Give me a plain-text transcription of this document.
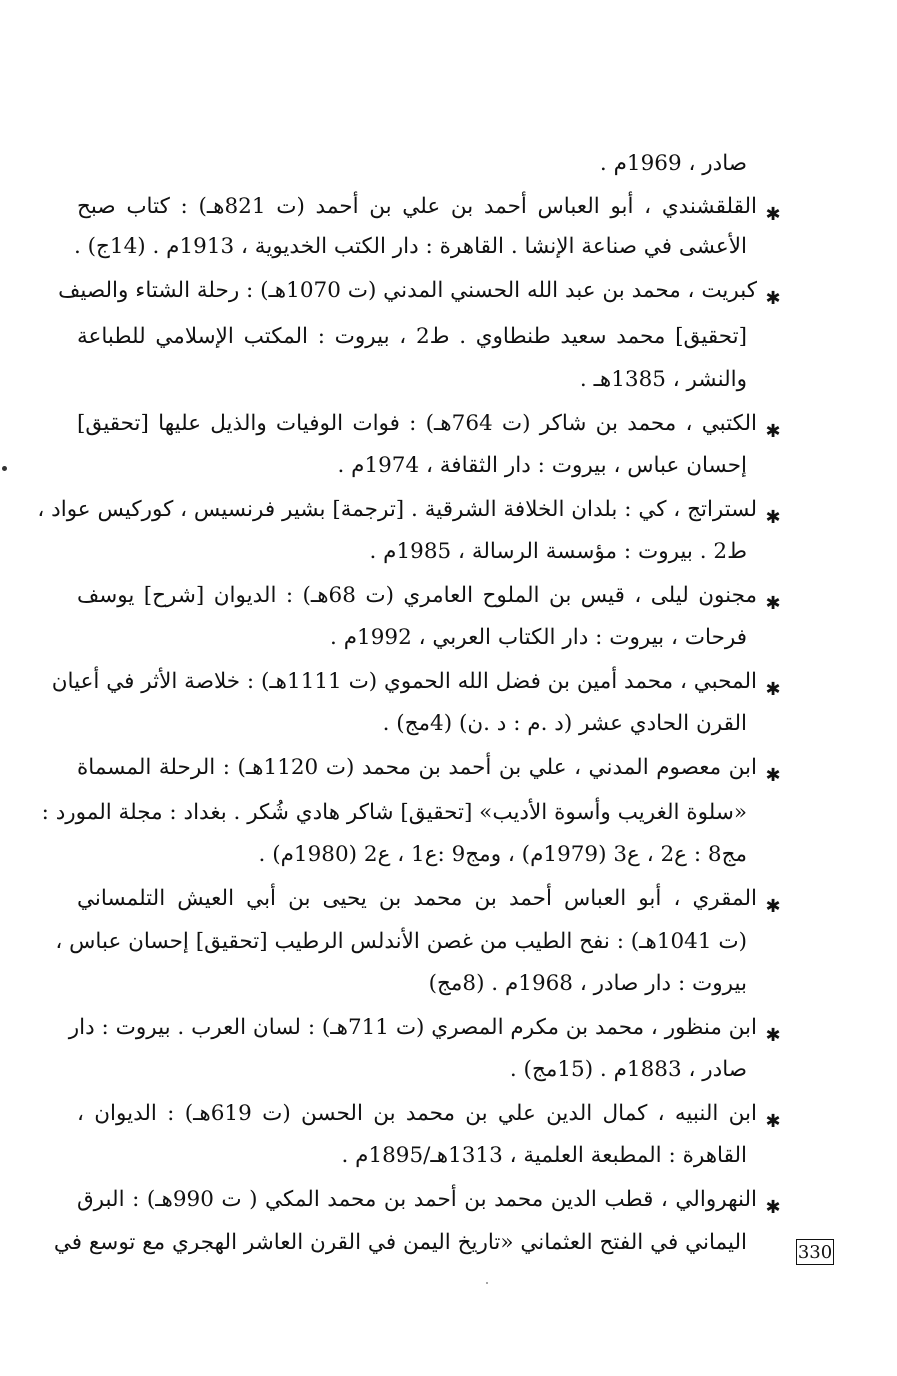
صادر ، 1969م .
✱
القلقشندي ، أبو العباس أحمد بن علي بن أحمد (ت 821هـ) : كتاب صبح
الأعشى في صناعة الإنشا . القاهرة : دار الكتب الخديوية ، 1913م . (14ج) .
✱
كبريت ، محمد بن عبد الله الحسني المدني (ت 1070هـ) : رحلة الشتاء والصيف
[تحقيق] محمد سعيد طنطاوي . ط2 ، بيروت : المكتب الإسلامي للطباعة
والنشر ، 1385هـ .
✱
الكتبي ، محمد بن شاكر (ت 764هـ) : فوات الوفيات والذيل عليها [تحقيق]
إحسان عباس ، بيروت : دار الثقافة ، 1974م .
✱
لستراتج ، كي : بلدان الخلافة الشرقية . [ترجمة] بشير فرنسيس ، كوركيس عواد ،
ط2 . بيروت : مؤسسة الرسالة ، 1985م .
✱
مجنون ليلى ، قيس بن الملوح العامري (ت 68هـ) : الديوان [شرح] يوسف
فرحات ، بيروت : دار الكتاب العربي ، 1992م .
✱
المحبي ، محمد أمين بن فضل الله الحموي (ت 1111هـ) : خلاصة الأثر في أعيان
القرن الحادي عشر (د .م : د .ن) (4مج) .
✱
ابن معصوم المدني ، علي بن أحمد بن محمد (ت 1120هـ) : الرحلة المسماة
«سلوة الغريب وأسوة الأديب» [تحقيق] شاكر هادي شُكر . بغداد : مجلة المورد :
مج8 : ع2 ، ع3 (1979م) ، ومج9 :ع1 ، ع2 (1980م) .
✱
المقري ، أبو العباس أحمد بن محمد بن يحيى بن أبي العيش التلمساني
(ت 1041هـ) : نفح الطيب من غصن الأندلس الرطيب [تحقيق] إحسان عباس ،
بيروت : دار صادر ، 1968م . (8مج)
✱
ابن منظور ، محمد بن مكرم المصري (ت 711هـ) : لسان العرب . بيروت : دار
صادر ، 1883م . (15مج) .
✱
ابن النبيه ، كمال الدين علي بن محمد بن الحسن (ت 619هـ) : الديوان ،
القاهرة : المطبعة العلمية ، 1313هـ/1895م .
✱
النهروالي ، قطب الدين محمد بن أحمد بن محمد المكي ( ت 990هـ) : البرق
اليماني في الفتح العثماني «تاريخ اليمن في القرن العاشر الهجري مع توسع في	330
